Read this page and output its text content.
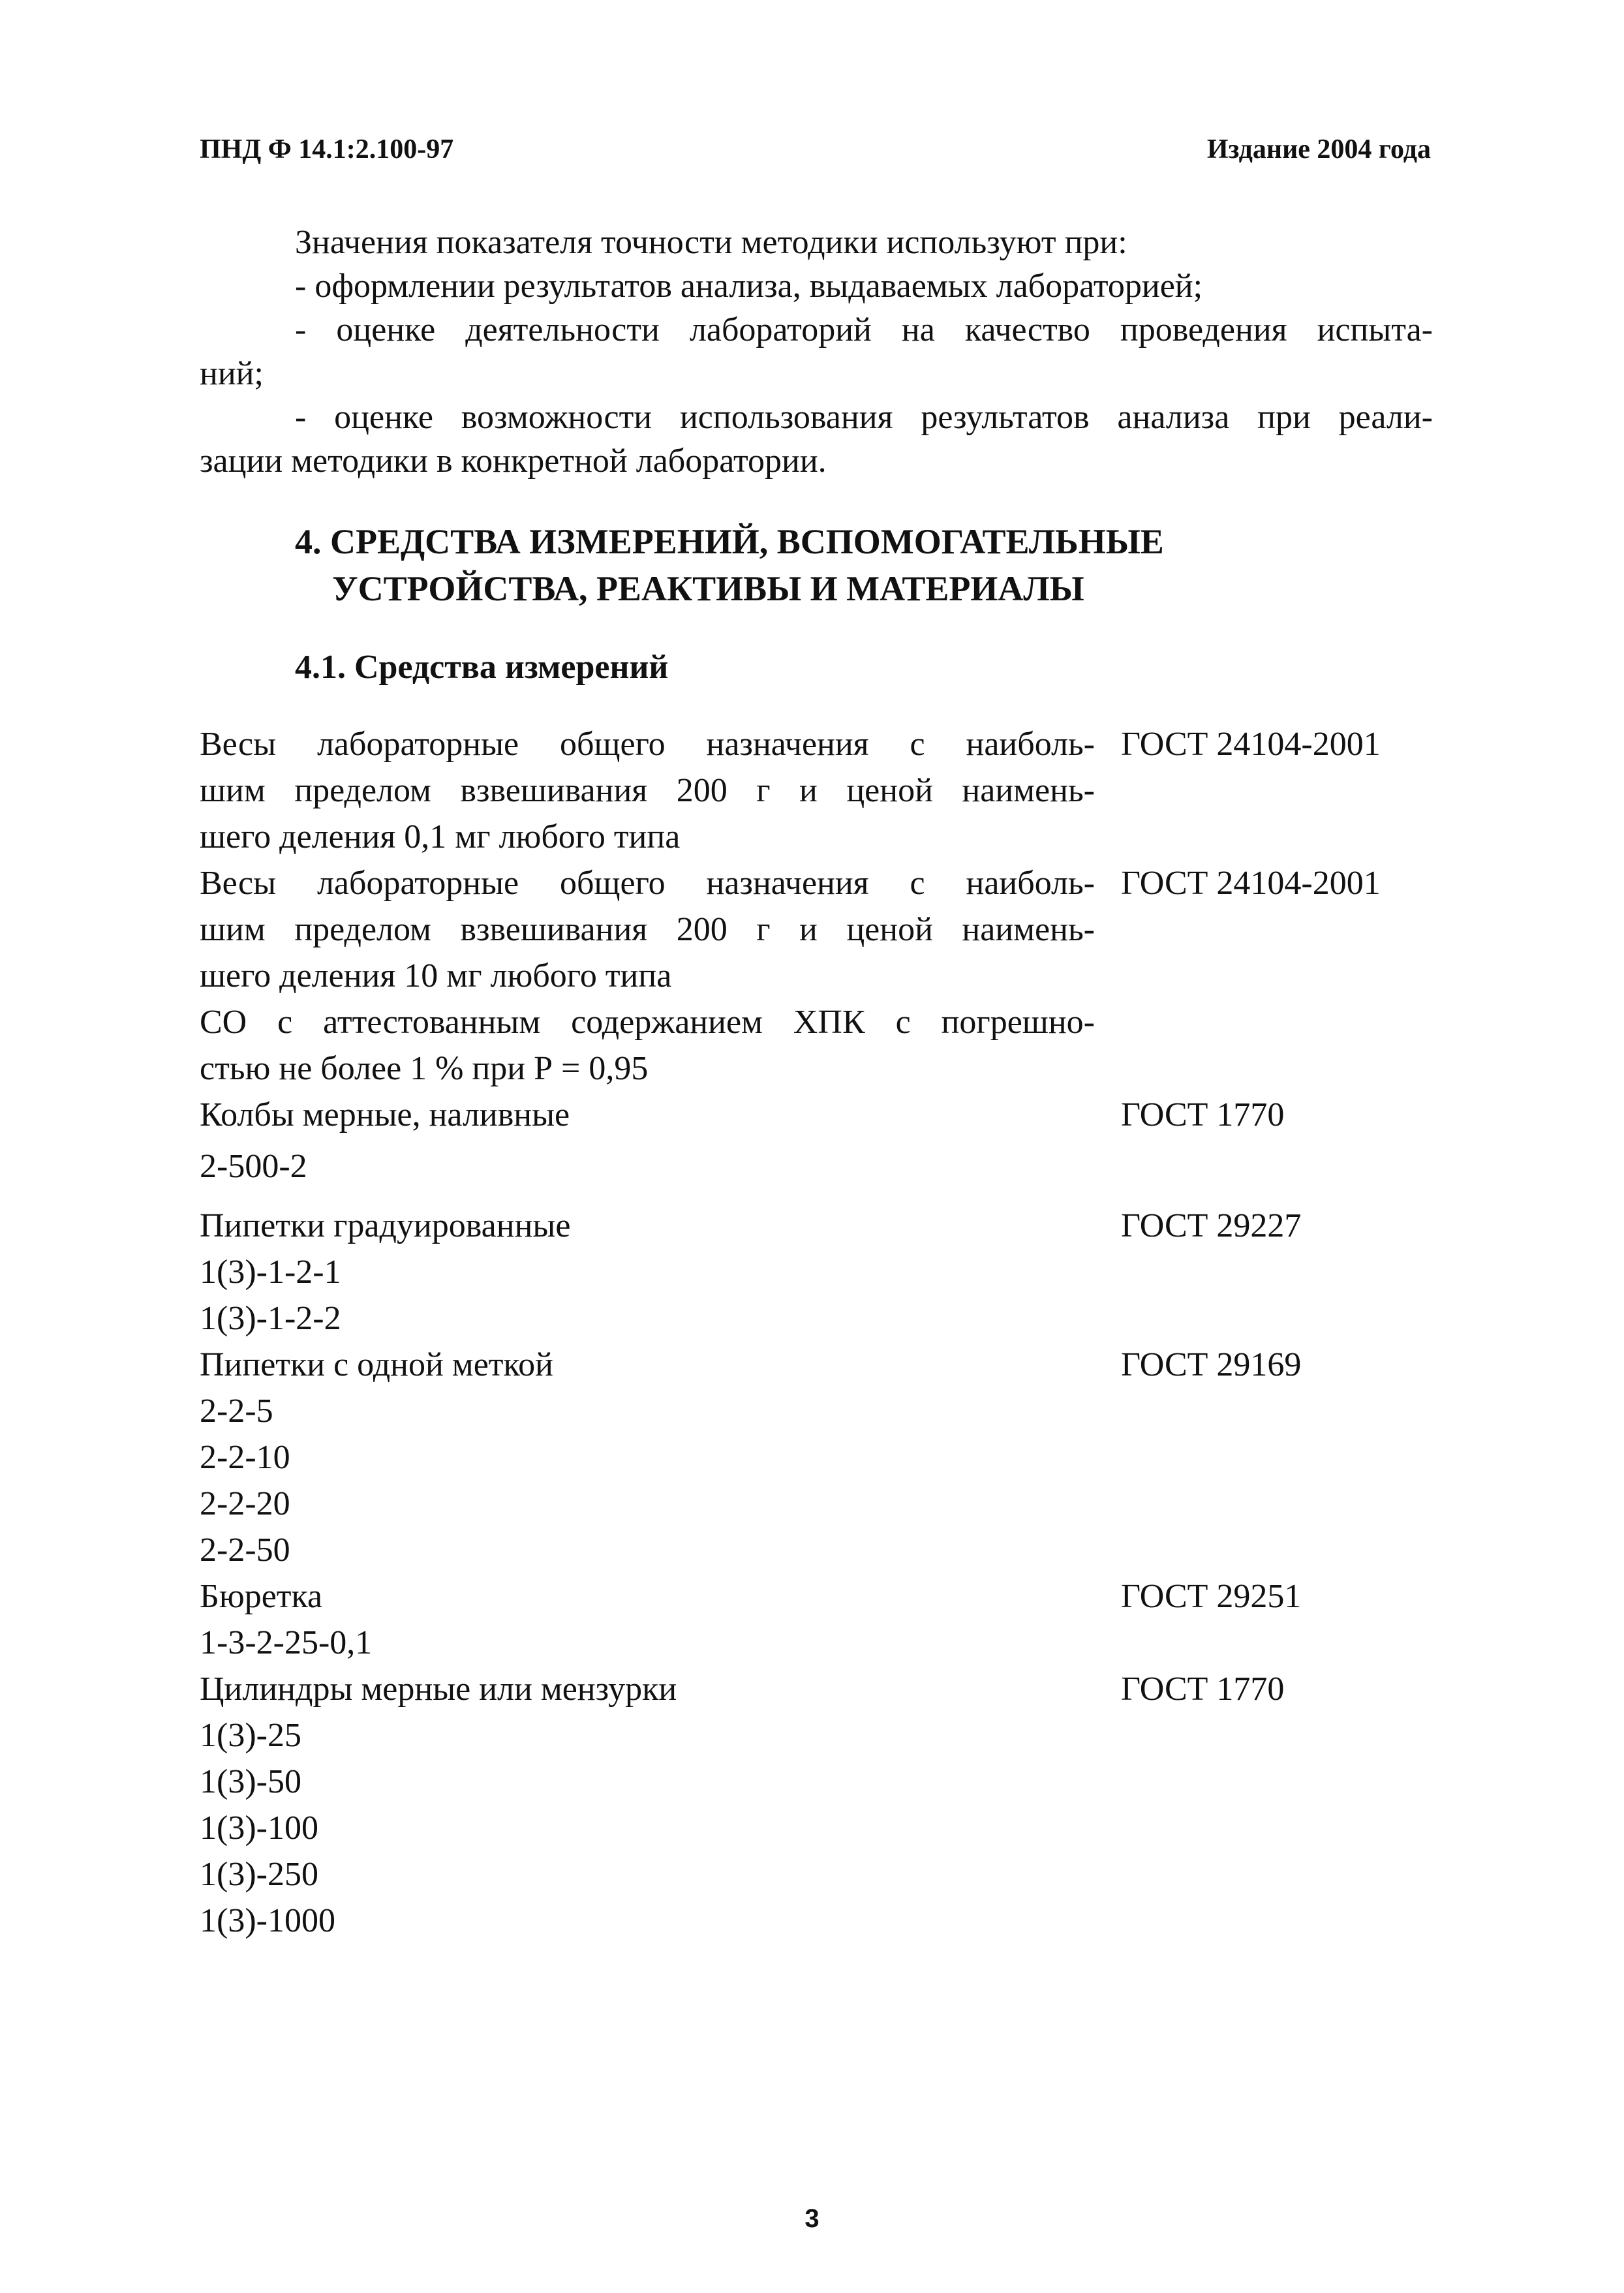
ПНД Ф 14.1:2.100-97	Издание 2004 года

Значения показателя точности методики используют при:

- оформлении результатов анализа, выдаваемых лабораторией;

- оценке деятельности лабораторий на качество проведения испыта-

ний;

- оценке возможности использования результатов анализа при реали-

зации методики в конкретной лаборатории.

4. СРЕДСТВА ИЗМЕРЕНИЙ, ВСПОМОГАТЕЛЬНЫЕ
УСТРОЙСТВА, РЕАКТИВЫ И МАТЕРИАЛЫ
4.1. Средства измерений
Весы лабораторные общего назначения с наиболь-
шим пределом взвешивания 200 г и ценой наимень-
шего деления 0,1 мг любого типа
ГОСТ 24104-2001
Весы лабораторные общего назначения с наиболь-
шим пределом взвешивания 200 г и ценой наимень-
шего деления 10 мг любого типа
ГОСТ 24104-2001
СО с аттестованным содержанием ХПК с погрешно-
стью не более 1 % при Р = 0,95
Колбы мерные, наливные
2-500-2
ГОСТ 1770
Пипетки градуированные
1(3)-1-2-1
1(3)-1-2-2
ГОСТ 29227
Пипетки с одной меткой
2-2-5
2-2-10
2-2-20
2-2-50
ГОСТ 29169
Бюретка
1-3-2-25-0,1
ГОСТ 29251
Цилиндры мерные или мензурки
1(3)-25
1(3)-50
1(3)-100
1(3)-250
1(3)-1000
ГОСТ 1770
3
